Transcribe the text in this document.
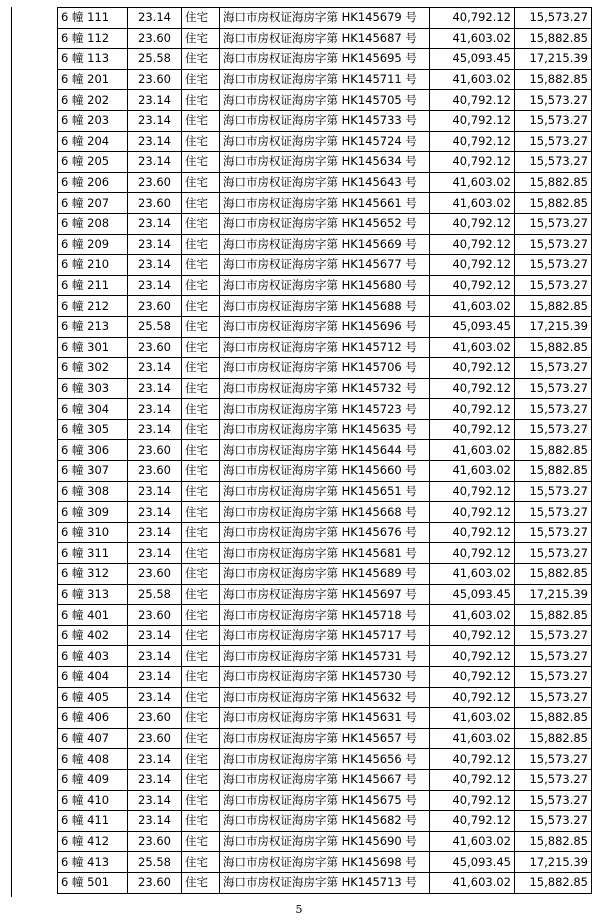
6 幢 111	23.14	住宅	海口市房权证海房字第 HK145679 号	40,792.12	15,573.27
6 幢 112	23.60	住宅	海口市房权证海房字第 HK145687 号	41,603.02	15,882.85
6 幢 113	25.58	住宅	海口市房权证海房字第 HK145695 号	45,093.45	17,215.39
6 幢 201	23.60	住宅	海口市房权证海房字第 HK145711 号	41,603.02	15,882.85
6 幢 202	23.14	住宅	海口市房权证海房字第 HK145705 号	40,792.12	15,573.27
6 幢 203	23.14	住宅	海口市房权证海房字第 HK145733 号	40,792.12	15,573.27
6 幢 204	23.14	住宅	海口市房权证海房字第 HK145724 号	40,792.12	15,573.27
6 幢 205	23.14	住宅	海口市房权证海房字第 HK145634 号	40,792.12	15,573.27
6 幢 206	23.60	住宅	海口市房权证海房字第 HK145643 号	41,603.02	15,882.85
6 幢 207	23.60	住宅	海口市房权证海房字第 HK145661 号	41,603.02	15,882.85
6 幢 208	23.14	住宅	海口市房权证海房字第 HK145652 号	40,792.12	15,573.27
6 幢 209	23.14	住宅	海口市房权证海房字第 HK145669 号	40,792.12	15,573.27
6 幢 210	23.14	住宅	海口市房权证海房字第 HK145677 号	40,792.12	15,573.27
6 幢 211	23.14	住宅	海口市房权证海房字第 HK145680 号	40,792.12	15,573.27
6 幢 212	23.60	住宅	海口市房权证海房字第 HK145688 号	41,603.02	15,882.85
6 幢 213	25.58	住宅	海口市房权证海房字第 HK145696 号	45,093.45	17,215.39
6 幢 301	23.60	住宅	海口市房权证海房字第 HK145712 号	41,603.02	15,882.85
6 幢 302	23.14	住宅	海口市房权证海房字第 HK145706 号	40,792.12	15,573.27
6 幢 303	23.14	住宅	海口市房权证海房字第 HK145732 号	40,792.12	15,573.27
6 幢 304	23.14	住宅	海口市房权证海房字第 HK145723 号	40,792.12	15,573.27
6 幢 305	23.14	住宅	海口市房权证海房字第 HK145635 号	40,792.12	15,573.27
6 幢 306	23.60	住宅	海口市房权证海房字第 HK145644 号	41,603.02	15,882.85
6 幢 307	23.60	住宅	海口市房权证海房字第 HK145660 号	41,603.02	15,882.85
6 幢 308	23.14	住宅	海口市房权证海房字第 HK145651 号	40,792.12	15,573.27
6 幢 309	23.14	住宅	海口市房权证海房字第 HK145668 号	40,792.12	15,573.27
6 幢 310	23.14	住宅	海口市房权证海房字第 HK145676 号	40,792.12	15,573.27
6 幢 311	23.14	住宅	海口市房权证海房字第 HK145681 号	40,792.12	15,573.27
6 幢 312	23.60	住宅	海口市房权证海房字第 HK145689 号	41,603.02	15,882.85
6 幢 313	25.58	住宅	海口市房权证海房字第 HK145697 号	45,093.45	17,215.39
6 幢 401	23.60	住宅	海口市房权证海房字第 HK145718 号	41,603.02	15,882.85
6 幢 402	23.14	住宅	海口市房权证海房字第 HK145717 号	40,792.12	15,573.27
6 幢 403	23.14	住宅	海口市房权证海房字第 HK145731 号	40,792.12	15,573.27
6 幢 404	23.14	住宅	海口市房权证海房字第 HK145730 号	40,792.12	15,573.27
6 幢 405	23.14	住宅	海口市房权证海房字第 HK145632 号	40,792.12	15,573.27
6 幢 406	23.60	住宅	海口市房权证海房字第 HK145631 号	41,603.02	15,882.85
6 幢 407	23.60	住宅	海口市房权证海房字第 HK145657 号	41,603.02	15,882.85
6 幢 408	23.14	住宅	海口市房权证海房字第 HK145656 号	40,792.12	15,573.27
6 幢 409	23.14	住宅	海口市房权证海房字第 HK145667 号	40,792.12	15,573.27
6 幢 410	23.14	住宅	海口市房权证海房字第 HK145675 号	40,792.12	15,573.27
6 幢 411	23.14	住宅	海口市房权证海房字第 HK145682 号	40,792.12	15,573.27
6 幢 412	23.60	住宅	海口市房权证海房字第 HK145690 号	41,603.02	15,882.85
6 幢 413	25.58	住宅	海口市房权证海房字第 HK145698 号	45,093.45	17,215.39
6 幢 501	23.60	住宅	海口市房权证海房字第 HK145713 号	41,603.02	15,882.85
5
